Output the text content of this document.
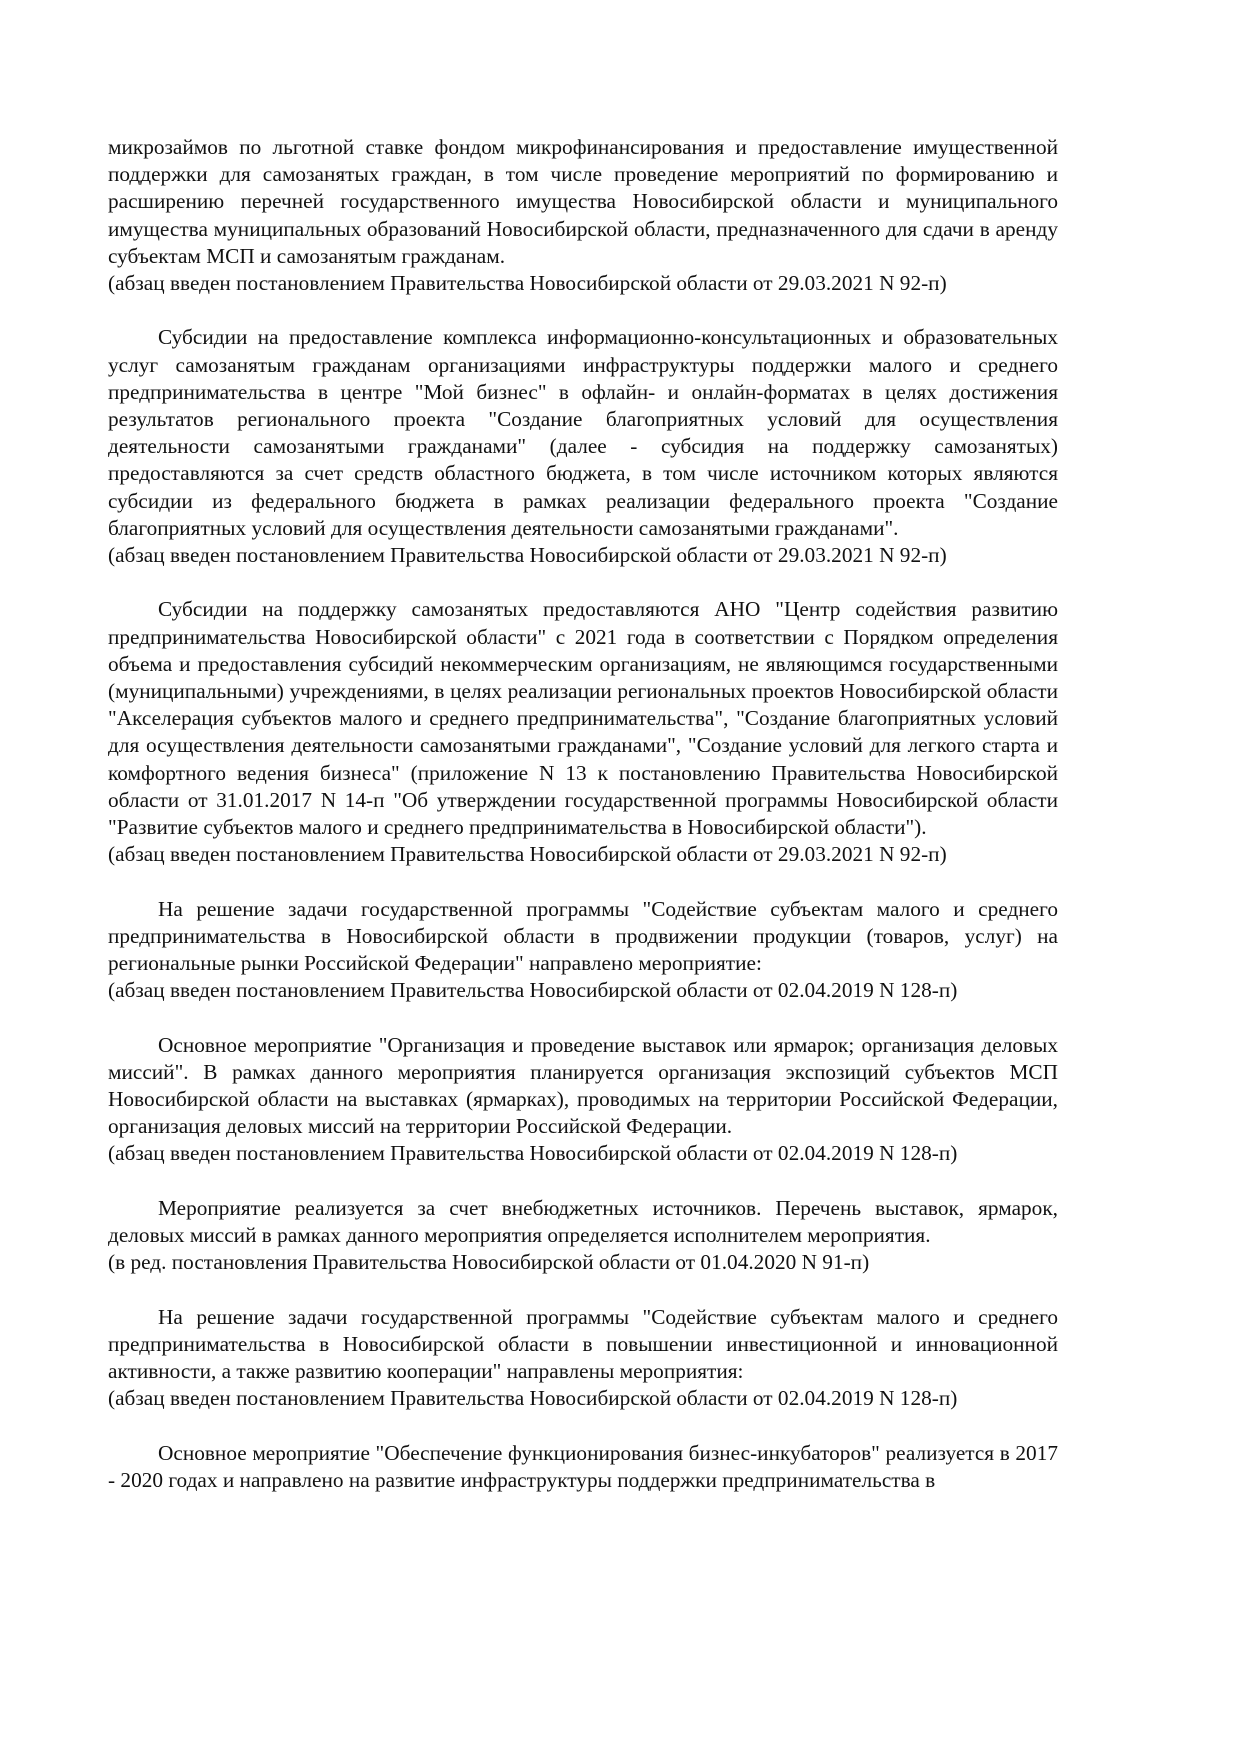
микрозаймов по льготной ставке фондом микрофинансирования и предоставление имущественной поддержки для самозанятых граждан, в том числе проведение мероприятий по формированию и расширению перечней государственного имущества Новосибирской области и муниципального имущества муниципальных образований Новосибирской области, предназначенного для сдачи в аренду субъектам МСП и самозанятым гражданам.

(абзац введен постановлением Правительства Новосибирской области от 29.03.2021 N 92-п)

Субсидии на предоставление комплекса информационно-консультационных и образовательных услуг самозанятым гражданам организациями инфраструктуры поддержки малого и среднего предпринимательства в центре "Мой бизнес" в офлайн- и онлайн-форматах в целях достижения результатов регионального проекта "Создание благоприятных условий для осуществления деятельности самозанятыми гражданами" (далее - субсидия на поддержку самозанятых) предоставляются за счет средств областного бюджета, в том числе источником которых являются субсидии из федерального бюджета в рамках реализации федерального проекта "Создание благоприятных условий для осуществления деятельности самозанятыми гражданами".

(абзац введен постановлением Правительства Новосибирской области от 29.03.2021 N 92-п)

Субсидии на поддержку самозанятых предоставляются АНО "Центр содействия развитию предпринимательства Новосибирской области" с 2021 года в соответствии с Порядком определения объема и предоставления субсидий некоммерческим организациям, не являющимся государственными (муниципальными) учреждениями, в целях реализации региональных проектов Новосибирской области "Акселерация субъектов малого и среднего предпринимательства", "Создание благоприятных условий для осуществления деятельности самозанятыми гражданами", "Создание условий для легкого старта и комфортного ведения бизнеса" (приложение N 13 к постановлению Правительства Новосибирской области от 31.01.2017 N 14-п "Об утверждении государственной программы Новосибирской области "Развитие субъектов малого и среднего предпринимательства в Новосибирской области").

(абзац введен постановлением Правительства Новосибирской области от 29.03.2021 N 92-п)

На решение задачи государственной программы "Содействие субъектам малого и среднего предпринимательства в Новосибирской области в продвижении продукции (товаров, услуг) на региональные рынки Российской Федерации" направлено мероприятие:

(абзац введен постановлением Правительства Новосибирской области от 02.04.2019 N 128-п)

Основное мероприятие "Организация и проведение выставок или ярмарок; организация деловых миссий". В рамках данного мероприятия планируется организация экспозиций субъектов МСП Новосибирской области на выставках (ярмарках), проводимых на территории Российской Федерации, организация деловых миссий на территории Российской Федерации.

(абзац введен постановлением Правительства Новосибирской области от 02.04.2019 N 128-п)

Мероприятие реализуется за счет внебюджетных источников. Перечень выставок, ярмарок, деловых миссий в рамках данного мероприятия определяется исполнителем мероприятия.

(в ред. постановления Правительства Новосибирской области от 01.04.2020 N 91-п)

На решение задачи государственной программы "Содействие субъектам малого и среднего предпринимательства в Новосибирской области в повышении инвестиционной и инновационной активности, а также развитию кооперации" направлены мероприятия:

(абзац введен постановлением Правительства Новосибирской области от 02.04.2019 N 128-п)

Основное мероприятие "Обеспечение функционирования бизнес-инкубаторов" реализуется в 2017 - 2020 годах и направлено на развитие инфраструктуры поддержки предпринимательства в
